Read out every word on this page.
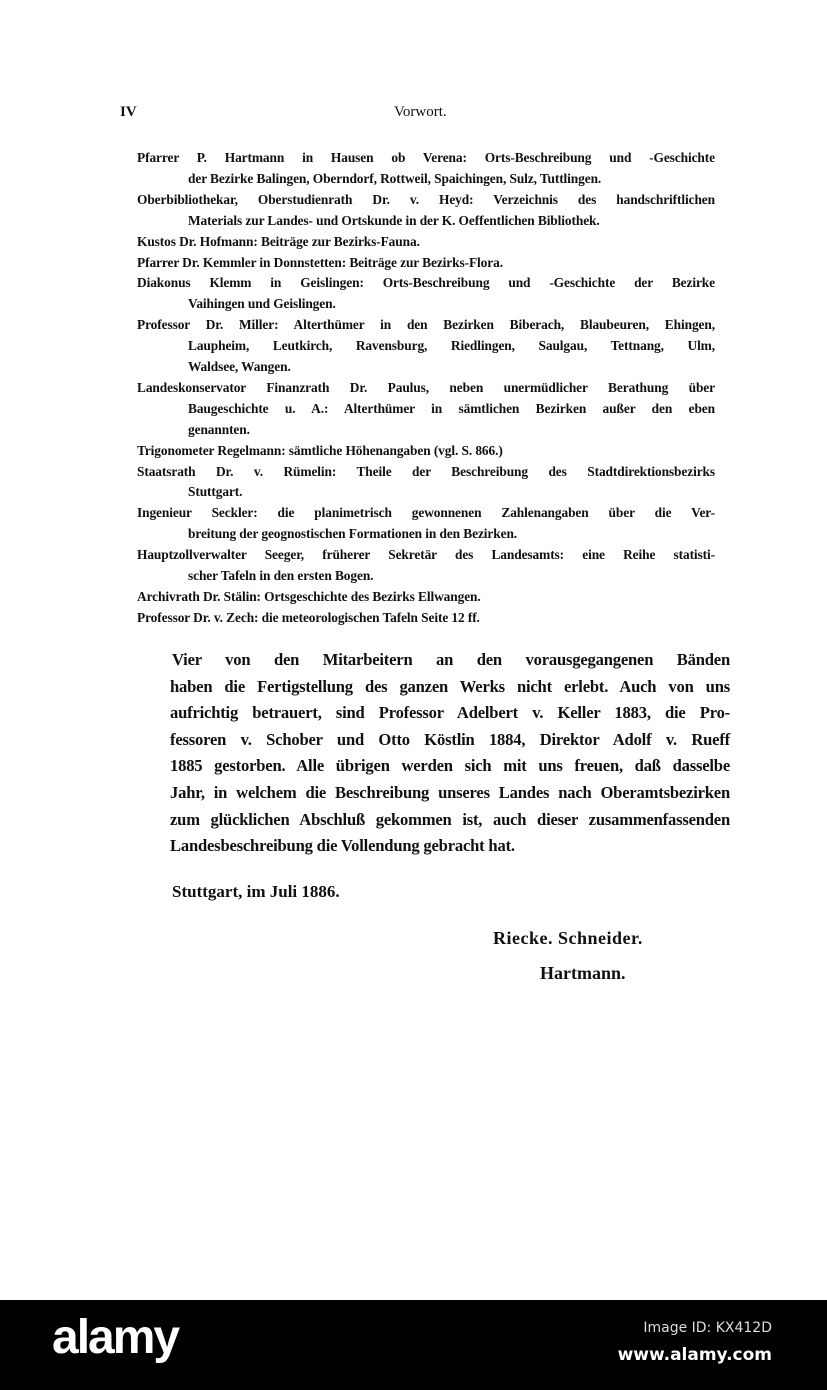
IV	Vorwort.
Pfarrer P. Hartmann in Hausen ob Verena: Orts-Beschreibung und -Geschichte
der Bezirke Balingen, Oberndorf, Rottweil, Spaichingen, Sulz, Tuttlingen.
Oberbibliothekar, Oberstudienrath Dr. v. Heyd: Verzeichnis des handschriftlichen
Materials zur Landes- und Ortskunde in der K. Oeffentlichen Bibliothek.
Kustos Dr. Hofmann: Beiträge zur Bezirks-Fauna.
Pfarrer Dr. Kemmler in Donnstetten: Beiträge zur Bezirks-Flora.
Diakonus Klemm in Geislingen: Orts-Beschreibung und -Geschichte der Bezirke
Vaihingen und Geislingen.
Professor Dr. Miller: Alterthümer in den Bezirken Biberach, Blaubeuren, Ehingen,
Laupheim, Leutkirch, Ravensburg, Riedlingen, Saulgau, Tettnang, Ulm,
Waldsee, Wangen.
Landeskonservator Finanzrath Dr. Paulus, neben unermüdlicher Berathung über
Baugeschichte u. A.: Alterthümer in sämtlichen Bezirken außer den eben
genannten.
Trigonometer Regelmann: sämtliche Höhenangaben (vgl. S. 866.)
Staatsrath Dr. v. Rümelin: Theile der Beschreibung des Stadtdirektionsbezirks
Stuttgart.
Ingenieur Seckler: die planimetrisch gewonnenen Zahlenangaben über die Ver-
breitung der geognostischen Formationen in den Bezirken.
Hauptzollverwalter Seeger, früherer Sekretär des Landesamts: eine Reihe statisti-
scher Tafeln in den ersten Bogen.
Archivrath Dr. Stälin: Ortsgeschichte des Bezirks Ellwangen.
Professor Dr. v. Zech: die meteorologischen Tafeln Seite 12 ff.
Vier von den Mitarbeitern an den vorausgegangenen Bänden
haben die Fertigstellung des ganzen Werks nicht erlebt. Auch von uns
aufrichtig betrauert, sind Professor Adelbert v. Keller 1883, die Pro-
fessoren v. Schober und Otto Köstlin 1884, Direktor Adolf v. Rueff
1885 gestorben. Alle übrigen werden sich mit uns freuen, daß dasselbe
Jahr, in welchem die Beschreibung unseres Landes nach Oberamtsbezirken
zum glücklichen Abschluß gekommen ist, auch dieser zusammenfassenden
Landesbeschreibung die Vollendung gebracht hat.
Stuttgart, im Juli 1886.
Riecke. Schneider.
Hartmann.
alamy	Image ID: KX412D
www.alamy.com
